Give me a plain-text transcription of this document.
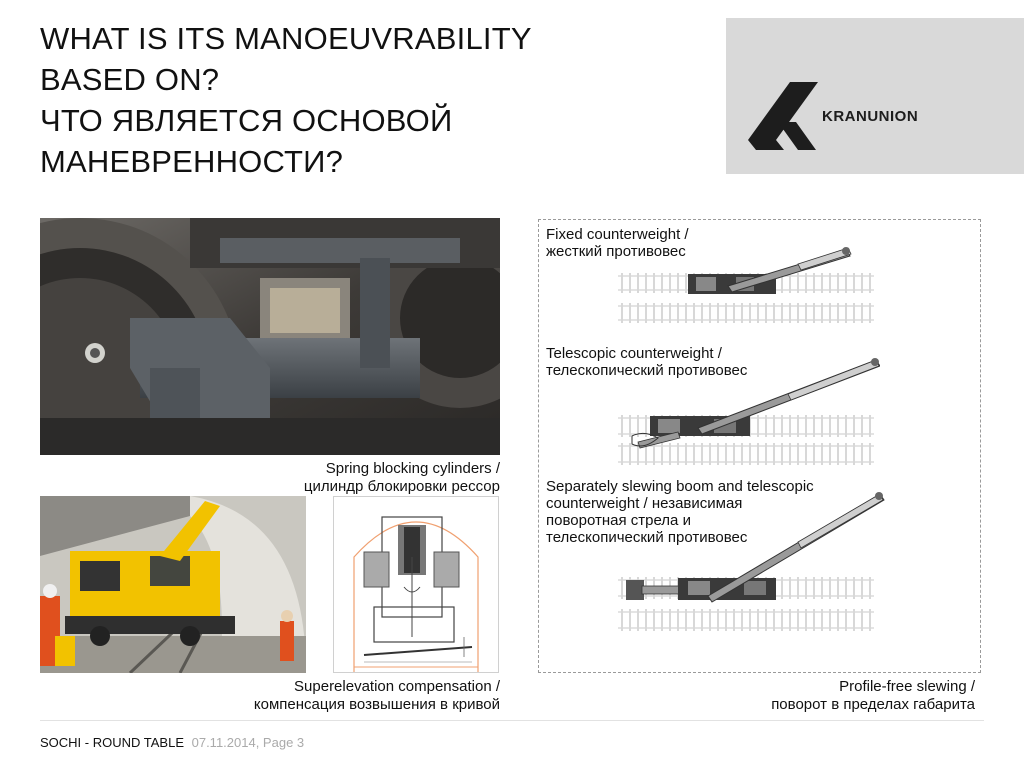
WHAT IS ITS MANOEUVRABILITY
BASED ON?
ЧТО ЯВЛЯЕТСЯ ОСНОВОЙ
МАНЕВРЕННОСТИ?
KRANUNION
Spring blocking cylinders /
цилиндр блокировки рессор
Superelevation compensation /
компенсация возвышения в кривой
Fixed counterweight /
жесткий противовес
Telescopic counterweight /
телескопический противовес
Separately slewing boom and telescopic
counterweight / независимая
поворотная стрела и
телескопический противовес
Profile-free slewing /
поворот в пределах габарита
SOCHI - ROUND TABLE 07.11.2014, Page 3
